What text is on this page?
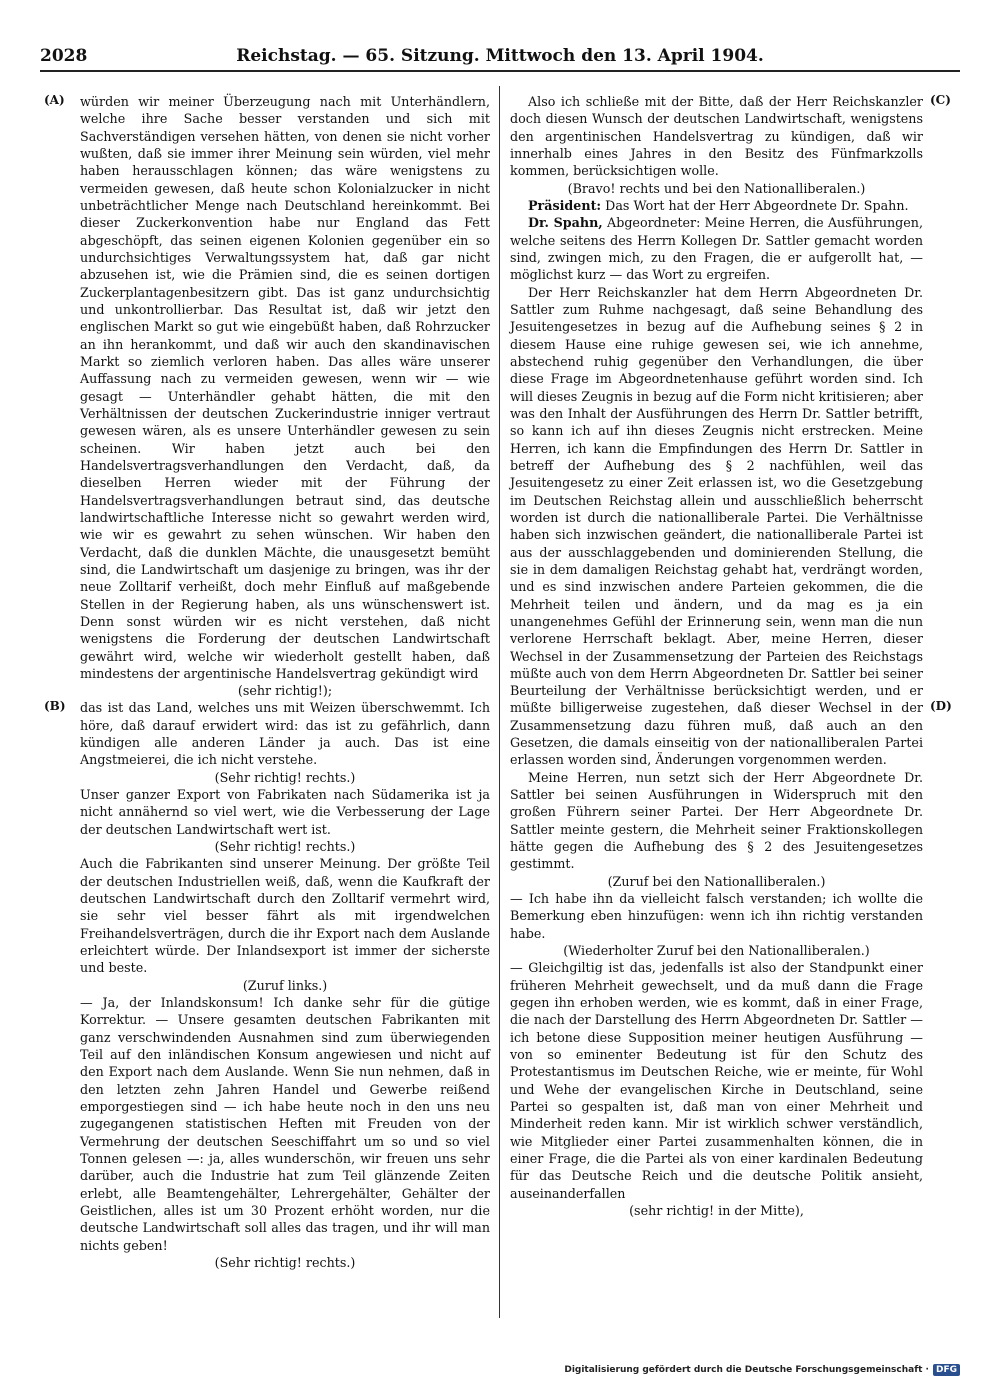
2028	Reichstag. — 65. Sitzung. Mittwoch den 13. April 1904.
(A)
(B)
(C)
(D)

würden wir meiner Überzeugung nach mit Unterhändlern, welche ihre Sache besser verstanden und sich mit Sachverständigen versehen hätten, von denen sie nicht vorher wußten, daß sie immer ihrer Meinung sein würden, viel mehr haben herausschlagen können; das wäre wenigstens zu vermeiden gewesen, daß heute schon Kolonialzucker in nicht unbeträchtlicher Menge nach Deutschland hereinkommt. Bei dieser Zuckerkonvention habe nur England das Fett abgeschöpft, das seinen eigenen Kolonien gegenüber ein so undurchsichtiges Verwaltungssystem hat, daß gar nicht abzusehen ist, wie die Prämien sind, die es seinen dortigen Zuckerplantagenbesitzern gibt. Das ist ganz undurchsichtig und unkontrollierbar. Das Resultat ist, daß wir jetzt den englischen Markt so gut wie eingebüßt haben, daß Rohrzucker an ihn herankommt, und daß wir auch den skandinavischen Markt so ziemlich verloren haben. Das alles wäre unserer Auffassung nach zu vermeiden gewesen, wenn wir — wie gesagt — Unterhändler gehabt hätten, die mit den Verhältnissen der deutschen Zuckerindustrie inniger vertraut gewesen wären, als es unsere Unterhändler gewesen zu sein scheinen. Wir haben jetzt auch bei den Handelsvertragsverhandlungen den Verdacht, daß, da dieselben Herren wieder mit der Führung der Handelsvertragsverhandlungen betraut sind, das deutsche landwirtschaftliche Interesse nicht so gewahrt werden wird, wie wir es gewahrt zu sehen wünschen. Wir haben den Verdacht, daß die dunklen Mächte, die unausgesetzt bemüht sind, die Landwirtschaft um dasjenige zu bringen, was ihr der neue Zolltarif verheißt, doch mehr Einfluß auf maßgebende Stellen in der Regierung haben, als uns wünschenswert ist. Denn sonst würden wir es nicht verstehen, daß nicht wenigstens die Forderung der deutschen Landwirtschaft gewährt wird, welche wir wiederholt gestellt haben, daß mindestens der argentinische Handelsvertrag gekündigt wird

(sehr richtig!);

das ist das Land, welches uns mit Weizen überschwemmt. Ich höre, daß darauf erwidert wird: das ist zu gefährlich, dann kündigen alle anderen Länder ja auch. Das ist eine Angstmeierei, die ich nicht verstehe.

(Sehr richtig! rechts.)

Unser ganzer Export von Fabrikaten nach Südamerika ist ja nicht annähernd so viel wert, wie die Verbesserung der Lage der deutschen Landwirtschaft wert ist.

(Sehr richtig! rechts.)

Auch die Fabrikanten sind unserer Meinung. Der größte Teil der deutschen Industriellen weiß, daß, wenn die Kaufkraft der deutschen Landwirtschaft durch den Zolltarif vermehrt wird, sie sehr viel besser fährt als mit irgendwelchen Freihandelsverträgen, durch die ihr Export nach dem Auslande erleichtert würde. Der Inlandsexport ist immer der sicherste und beste.

(Zuruf links.)

— Ja, der Inlandskonsum! Ich danke sehr für die gütige Korrektur. — Unsere gesamten deutschen Fabrikanten mit ganz verschwindenden Ausnahmen sind zum überwiegenden Teil auf den inländischen Konsum angewiesen und nicht auf den Export nach dem Auslande. Wenn Sie nun nehmen, daß in den letzten zehn Jahren Handel und Gewerbe reißend emporgestiegen sind — ich habe heute noch in den uns neu zugegangenen statistischen Heften mit Freuden von der Vermehrung der deutschen Seeschiffahrt um so und so viel Tonnen gelesen —: ja, alles wunderschön, wir freuen uns sehr darüber, auch die Industrie hat zum Teil glänzende Zeiten erlebt, alle Beamtengehälter, Lehrergehälter, Gehälter der Geistlichen, alles ist um 30 Prozent erhöht worden, nur die deutsche Landwirtschaft soll alles das tragen, und ihr will man nichts geben!

(Sehr richtig! rechts.)

Also ich schließe mit der Bitte, daß der Herr Reichskanzler doch diesen Wunsch der deutschen Landwirtschaft, wenigstens den argentinischen Handelsvertrag zu kündigen, daß wir innerhalb eines Jahres in den Besitz des Fünfmarkzolls kommen, berücksichtigen wolle.

(Bravo! rechts und bei den Nationalliberalen.)

Präsident: Das Wort hat der Herr Abgeordnete Dr. Spahn.

Dr. Spahn, Abgeordneter: Meine Herren, die Ausführungen, welche seitens des Herrn Kollegen Dr. Sattler gemacht worden sind, zwingen mich, zu den Fragen, die er aufgerollt hat, — möglichst kurz — das Wort zu ergreifen.

Der Herr Reichskanzler hat dem Herrn Abgeordneten Dr. Sattler zum Ruhme nachgesagt, daß seine Behandlung des Jesuitengesetzes in bezug auf die Aufhebung seines § 2 in diesem Hause eine ruhige gewesen sei, wie ich annehme, abstechend ruhig gegenüber den Verhandlungen, die über diese Frage im Abgeordnetenhause geführt worden sind. Ich will dieses Zeugnis in bezug auf die Form nicht kritisieren; aber was den Inhalt der Ausführungen des Herrn Dr. Sattler betrifft, so kann ich auf ihn dieses Zeugnis nicht erstrecken. Meine Herren, ich kann die Empfindungen des Herrn Dr. Sattler in betreff der Aufhebung des § 2 nachfühlen, weil das Jesuitengesetz zu einer Zeit erlassen ist, wo die Gesetzgebung im Deutschen Reichstag allein und ausschließlich beherrscht worden ist durch die nationalliberale Partei. Die Verhältnisse haben sich inzwischen geändert, die nationalliberale Partei ist aus der ausschlaggebenden und dominierenden Stellung, die sie in dem damaligen Reichstag gehabt hat, verdrängt worden, und es sind inzwischen andere Parteien gekommen, die die Mehrheit teilen und ändern, und da mag es ja ein unangenehmes Gefühl der Erinnerung sein, wenn man die nun verlorene Herrschaft beklagt. Aber, meine Herren, dieser Wechsel in der Zusammensetzung der Parteien des Reichstags müßte auch von dem Herrn Abgeordneten Dr. Sattler bei seiner Beurteilung der Verhältnisse berücksichtigt werden, und er müßte billigerweise zugestehen, daß dieser Wechsel in der Zusammensetzung dazu führen muß, daß auch an den Gesetzen, die damals einseitig von der nationalliberalen Partei erlassen worden sind, Änderungen vorgenommen werden.

Meine Herren, nun setzt sich der Herr Abgeordnete Dr. Sattler bei seinen Ausführungen in Widerspruch mit den großen Führern seiner Partei. Der Herr Abgeordnete Dr. Sattler meinte gestern, die Mehrheit seiner Fraktionskollegen hätte gegen die Aufhebung des § 2 des Jesuitengesetzes gestimmt.

(Zuruf bei den Nationalliberalen.)

— Ich habe ihn da vielleicht falsch verstanden; ich wollte die Bemerkung eben hinzufügen: wenn ich ihn richtig verstanden habe.

(Wiederholter Zuruf bei den Nationalliberalen.)

— Gleichgiltig ist das, jedenfalls ist also der Standpunkt einer früheren Mehrheit gewechselt, und da muß dann die Frage gegen ihn erhoben werden, wie es kommt, daß in einer Frage, die nach der Darstellung des Herrn Abgeordneten Dr. Sattler — ich betone diese Supposition meiner heutigen Ausführung — von so eminenter Bedeutung ist für den Schutz des Protestantismus im Deutschen Reiche, wie er meinte, für Wohl und Wehe der evangelischen Kirche in Deutschland, seine Partei so gespalten ist, daß man von einer Mehrheit und Minderheit reden kann. Mir ist wirklich schwer verständlich, wie Mitglieder einer Partei zusammenhalten können, die in einer Frage, die die Partei als von einer kardinalen Bedeutung für das Deutsche Reich und die deutsche Politik ansieht, auseinanderfallen

(sehr richtig! in der Mitte),

Digitalisierung gefördert durch die Deutsche Forschungsgemeinschaft · DFG
